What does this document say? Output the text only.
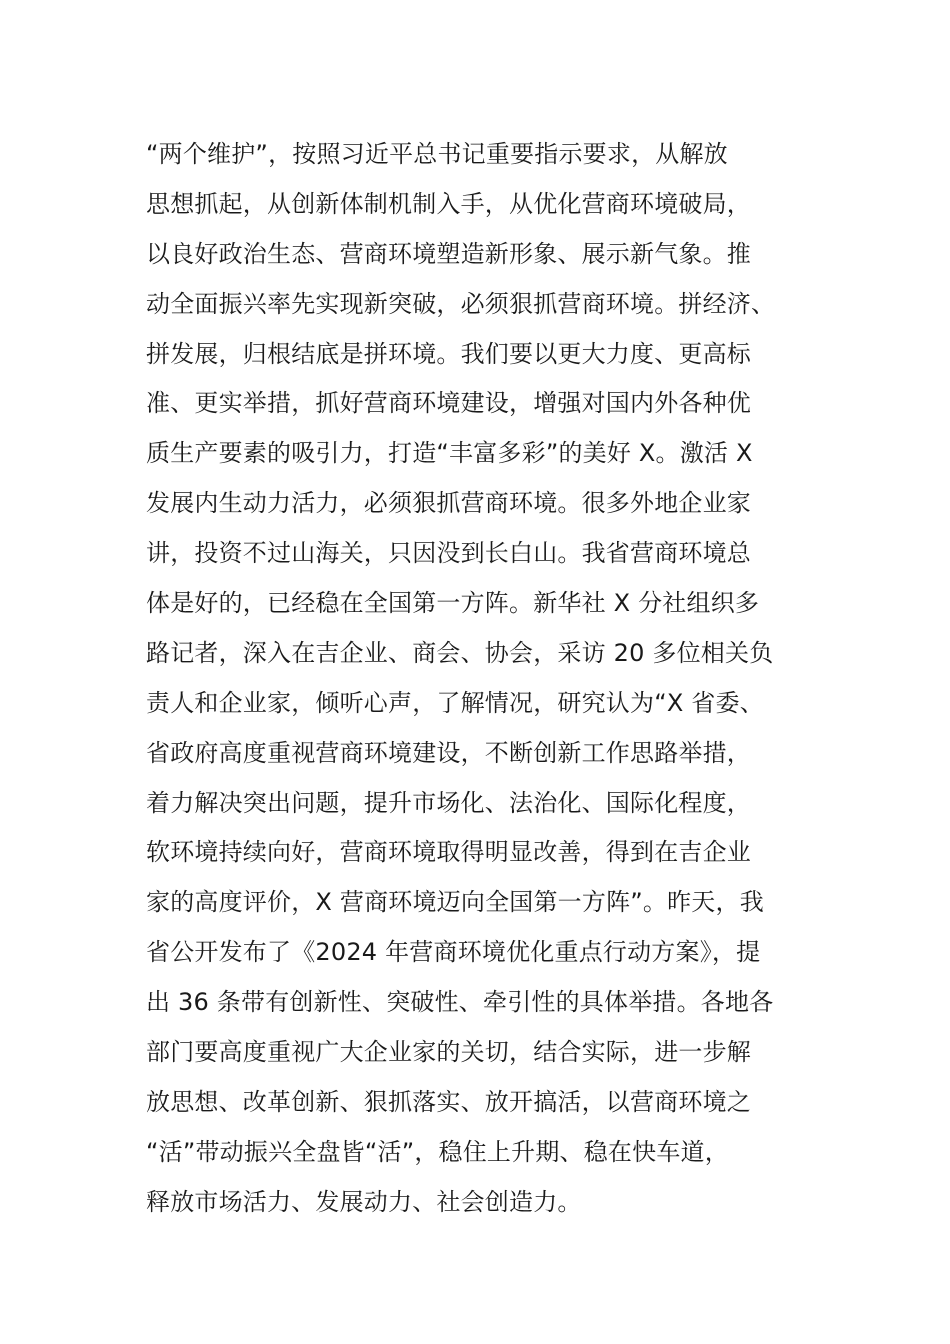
“两个维护”，按照习近平总书记重要指示要求，从解放
思想抓起，从创新体制机制入手，从优化营商环境破局，
以良好政治生态、营商环境塑造新形象、展示新气象。推
动全面振兴率先实现新突破，必须狠抓营商环境。拼经济、
拼发展，归根结底是拼环境。我们要以更大力度、更高标
准、更实举措，抓好营商环境建设，增强对国内外各种优
质生产要素的吸引力，打造“丰富多彩”的美好 X。激活 X
发展内生动力活力，必须狠抓营商环境。很多外地企业家
讲，投资不过山海关，只因没到长白山。我省营商环境总
体是好的，已经稳在全国第一方阵。新华社 X 分社组织多
路记者，深入在吉企业、商会、协会，采访 20 多位相关负
责人和企业家，倾听心声，了解情况，研究认为“X 省委、
省政府高度重视营商环境建设，不断创新工作思路举措，
着力解决突出问题，提升市场化、法治化、国际化程度，
软环境持续向好，营商环境取得明显改善，得到在吉企业
家的高度评价，X 营商环境迈向全国第一方阵”。昨天，我
省公开发布了《2024 年营商环境优化重点行动方案》，提
出 36 条带有创新性、突破性、牵引性的具体举措。各地各
部门要高度重视广大企业家的关切，结合实际，进一步解
放思想、改革创新、狠抓落实、放开搞活，以营商环境之
“活”带动振兴全盘皆“活”，稳住上升期、稳在快车道，
释放市场活力、发展动力、社会创造力。
